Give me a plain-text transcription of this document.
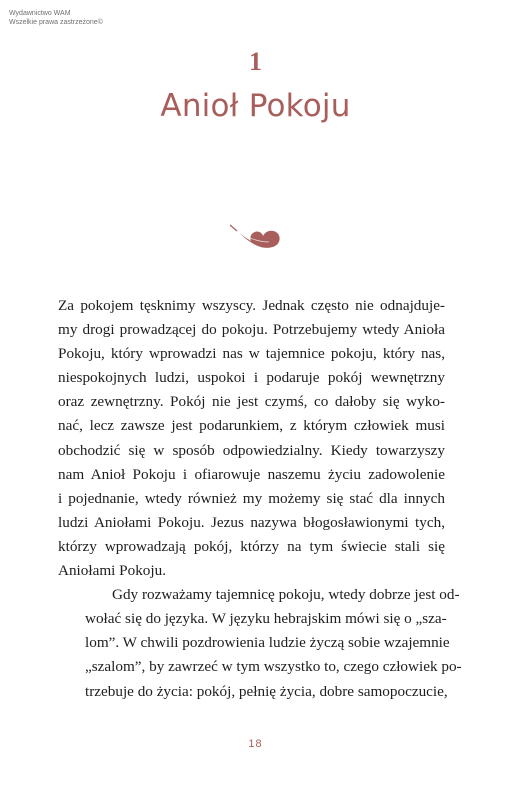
Wydawnictwo WAM
Wszelkie prawa zastrzeżone©
1
Anioł Pokoju

Za pokojem tęsknimy wszyscy. Jednak często nie odnajduje-
my drogi prowadzącej do pokoju. Potrzebujemy wtedy Anioła
Pokoju, który wprowadzi nas w tajemnice pokoju, który nas,
niespokojnych ludzi, uspokoi i podaruje pokój wewnętrzny
oraz zewnętrzny. Pokój nie jest czymś, co dałoby się wyko-
nać, lecz zawsze jest podarunkiem, z którym człowiek musi
obchodzić się w sposób odpowiedzialny. Kiedy towarzyszy
nam Anioł Pokoju i ofiarowuje naszemu życiu zadowolenie
i pojednanie, wtedy również my możemy się stać dla innych
ludzi Aniołami Pokoju. Jezus nazywa błogosławionymi tych,
którzy wprowadzają pokój, którzy na tym świecie stali się
Aniołami Pokoju.

Gdy rozważamy tajemnicę pokoju, wtedy dobrze jest od-
wołać się do języka. W języku hebrajskim mówi się o „sza-
lom”. W chwili pozdrowienia ludzie życzą sobie wzajemnie
„szalom”, by zawrzeć w tym wszystko to, czego człowiek po-
trzebuje do życia: pokój, pełnię życia, dobre samopoczucie,

18
